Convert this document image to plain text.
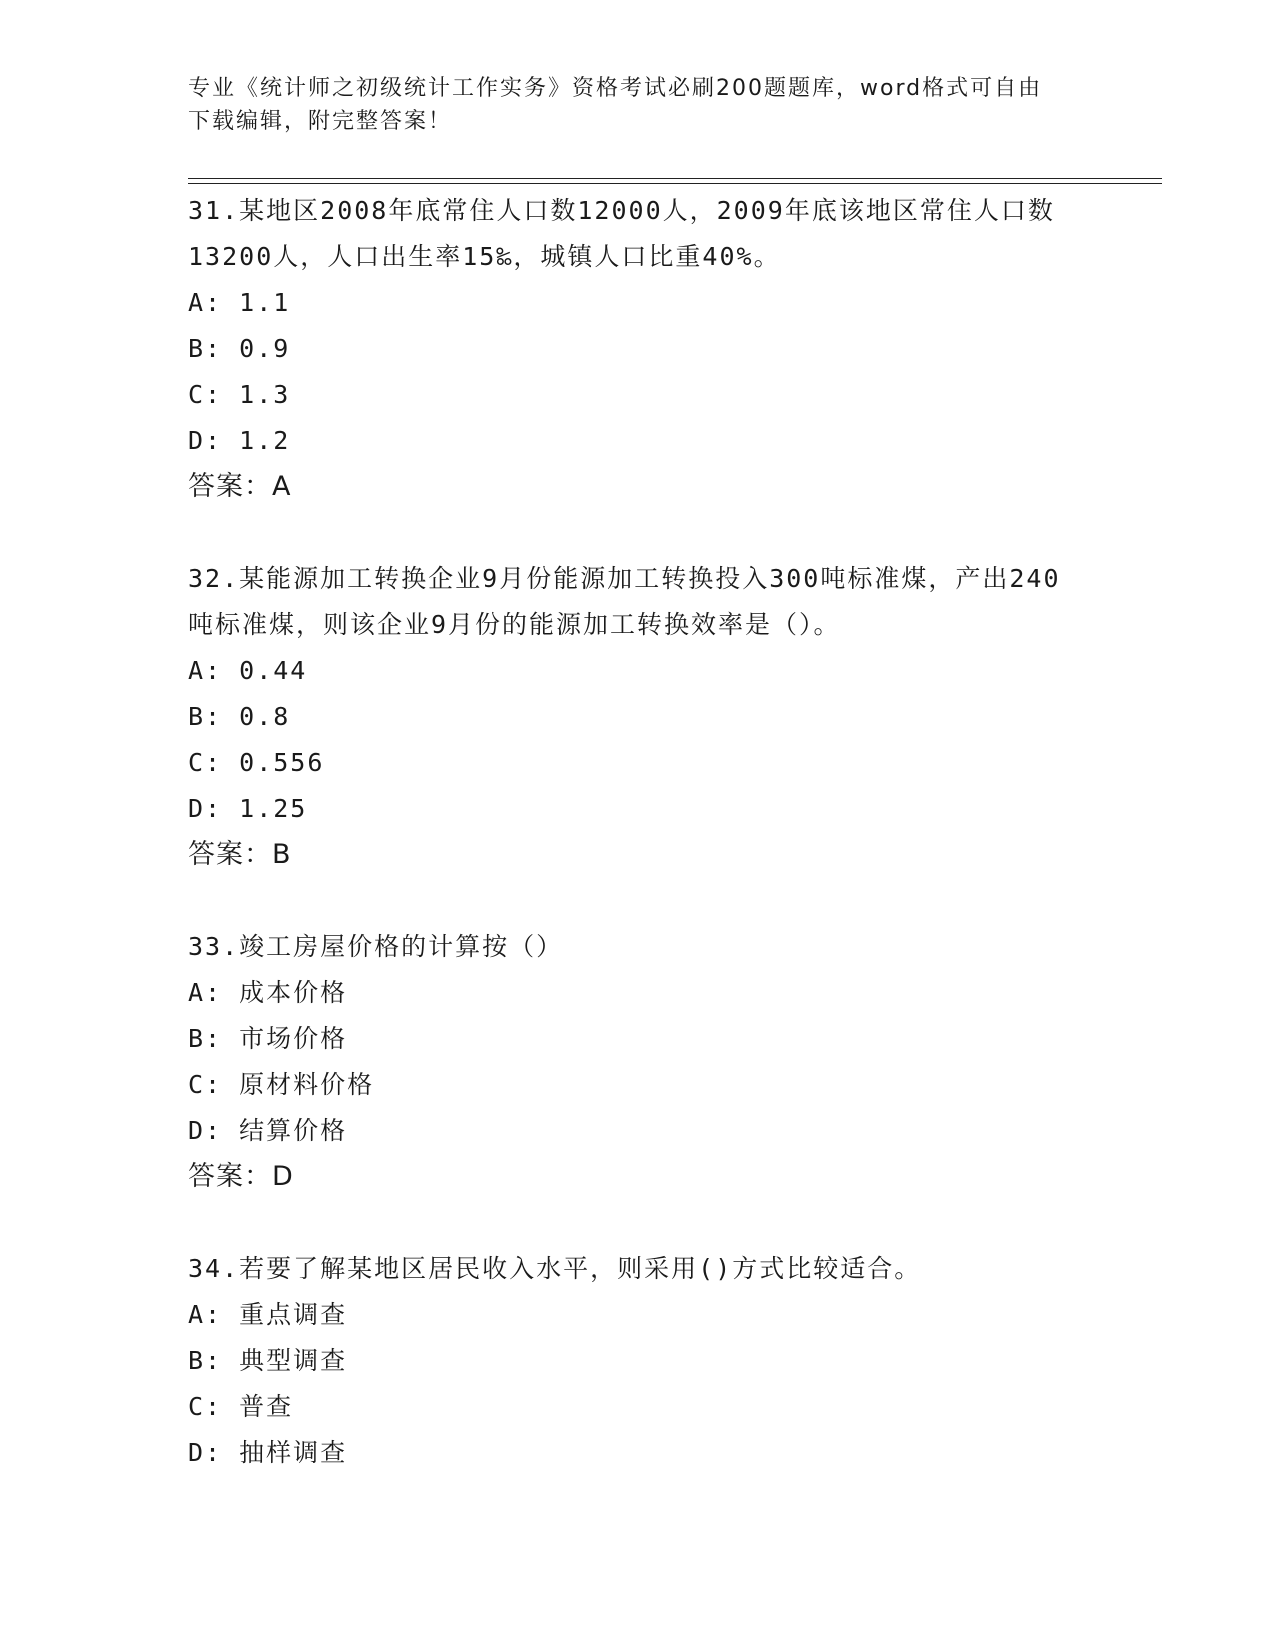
专业《统计师之初级统计工作实务》资格考试必刷200题题库，word格式可自由
下载编辑，附完整答案！
31.某地区2008年底常住人口数12000人，2009年底该地区常住人口数13200人，人口出生率15‰，城镇人口比重40%。
A: 1.1
B: 0.9
C: 1.3
D: 1.2
答案：A
32.某能源加工转换企业9月份能源加工转换投入300吨标准煤，产出240吨标准煤，则该企业9月份的能源加工转换效率是（）。
A: 0.44
B: 0.8
C: 0.556
D: 1.25
答案：B
33.竣工房屋价格的计算按（）
A: 成本价格
B: 市场价格
C: 原材料价格
D: 结算价格
答案：D
34.若要了解某地区居民收入水平，则采用()方式比较适合。
A: 重点调查
B: 典型调查
C: 普查
D: 抽样调查
